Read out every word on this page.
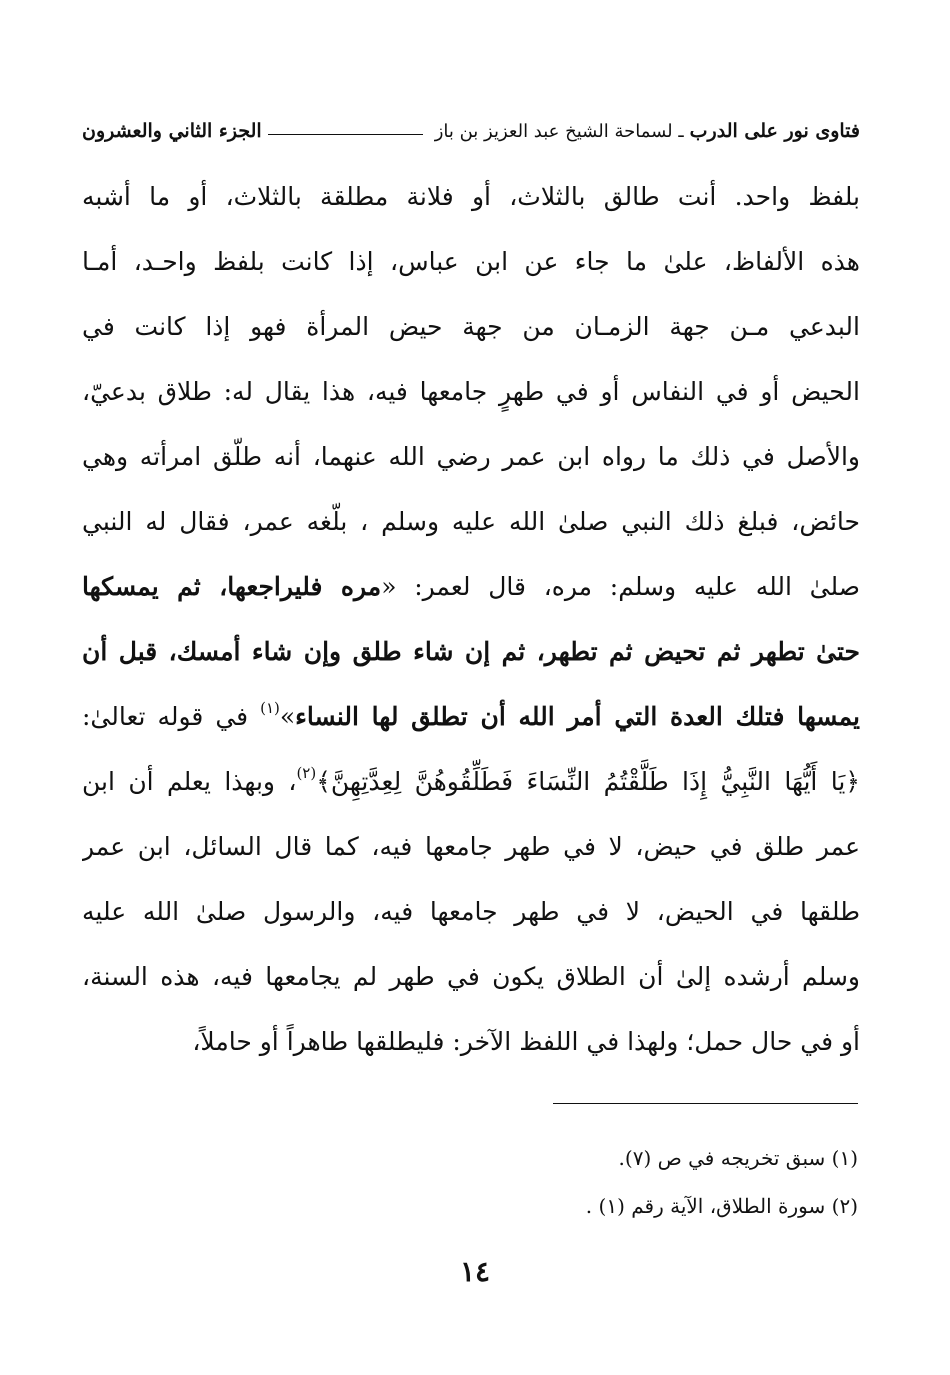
فتاوى نور على الدرب
ـ لسماحة الشيخ عبد العزيز بن باز
الجزء الثاني والعشرون
بلفظ واحد. أنت طالق بالثلاث، أو فلانة مطلقة بالثلاث، أو ما أشبه
هذه الألفاظ، علىٰ ما جاء عن ابن عباس، إذا كانت بلفظ واحـد، أمـا
البدعي مـن جهة الزمـان من جهة حيض المرأة فهو إذا كانت في
الحيض أو في النفاس أو في طهرٍ جامعها فيه، هذا يقال له: طلاق بدعيّ،
والأصل في ذلك ما رواه ابن عمر رضي الله عنهما، أنه طلّق امرأته وهي
حائض، فبلغ ذلك النبي صلىٰ الله عليه وسلم ، بلّغه عمر، فقال له النبي
صلىٰ الله عليه وسلم: مره، قال لعمر: «مره فليراجعها، ثم يمسكها
حتىٰ تطهر ثم تحيض ثم تطهر، ثم إن شاء طلق وإن شاء أمسك، قبل أن
يمسها فتلك العدة التي أمر الله أن تطلق لها النساء»$^{(١)}$ في قوله تعالىٰ:
﴿يَا أَيُّهَا النَّبِيُّ إِذَا طَلَّقْتُمُ النِّسَاءَ فَطَلِّقُوهُنَّ لِعِدَّتِهِنَّ﴾$^{(٢)}$، وبهذا يعلم أن ابن
عمر طلق في حيض، لا في طهر جامعها فيه، كما قال السائل، ابن عمر
طلقها في الحيض، لا في طهر جامعها فيه، والرسول صلىٰ الله عليه
وسلم أرشده إلىٰ أن الطلاق يكون في طهر لم يجامعها فيه، هذه السنة،
أو في حال حمل؛ ولهذا في اللفظ الآخر: فليطلقها طاهراً أو حاملاً،
(١) سبق تخريجه في ص (٧).
(٢) سورة الطلاق، الآية رقم (١) .
١٤
